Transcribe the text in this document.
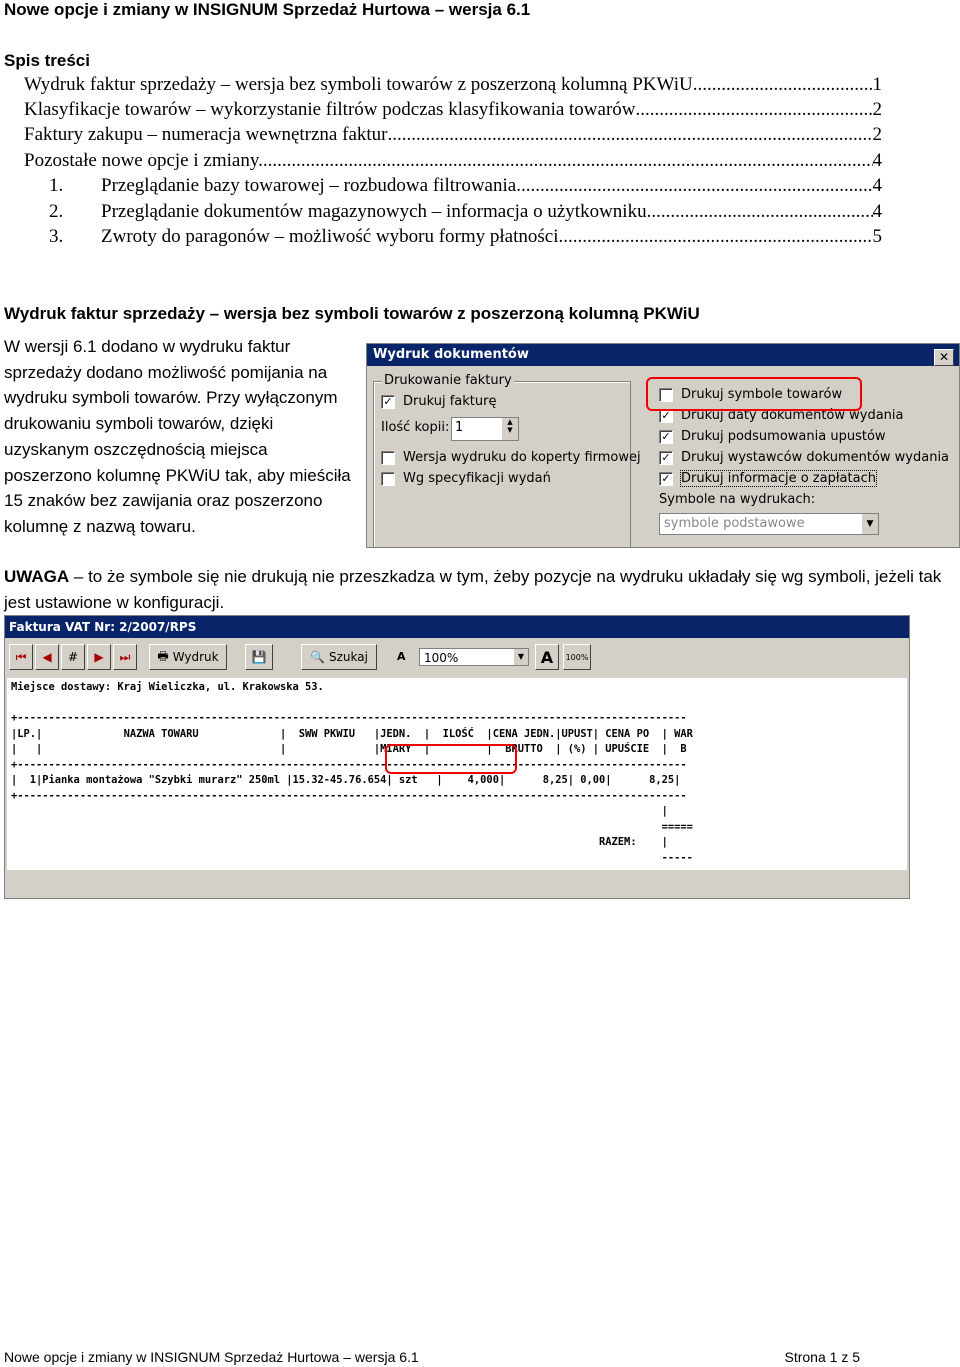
Nowe opcje i zmiany w INSIGNUM Sprzedaż Hurtowa – wersja 6.1
Spis treści
Wydruk faktur sprzedaży – wersja bez symboli towarów z poszerzoną kolumną PKWiU .....	1
Klasyfikacje towarów – wykorzystanie filtrów podczas klasyfikowania towarów .....	2
Faktury zakupu – numeracja wewnętrzna faktur .....	2
Pozostałe nowe opcje i zmiany. .....	4
1.	Przeglądanie bazy towarowej – rozbudowa filtrowania .....	4
2.	Przeglądanie dokumentów magazynowych – informacja o użytkowniku .....	4
3.	Zwroty do paragonów – możliwość wyboru formy płatności .....	5
Wydruk faktur sprzedaży – wersja bez symboli towarów z poszerzoną kolumną PKWiU
W wersji 6.1 dodano w wydruku faktur sprzedaży dodano możliwość pomijania na wydruku symboli towarów. Przy wyłączonym drukowaniu symboli towarów, dzięki uzyskanym oszczędnością miejsca poszerzono kolumnę PKWiU tak, aby mieściła 15 znaków bez zawijania oraz poszerzono kolumnę z nazwą towaru.
Wydruk dokumentów	✕
Drukowanie faktury
✓ Drukuj fakturę
Ilość kopii: 1	▲
▼
Wersja wydruku do koperty firmowej
Wg specyfikacji wydań
Drukuj symbole towarów
✓ Drukuj daty dokumentów wydania
✓ Drukuj podsumowania upustów
✓ Drukuj wystawców dokumentów wydania
✓ Drukuj informacje o zapłatach
Symbole na wydrukach:
symbole podstawowe	▼
UWAGA – to że symbole się nie drukują nie przeszkadza w tym, żeby pozycje na wydruku układały się wg symboli, jeżeli tak jest ustawione w konfiguracji.
Faktura VAT Nr: 2/2007/RPS
⏮	◀	#	▶	⏭	🖶 Wydruk	💾	🔍 Szukaj	A	100%	▼	A	100%
Miejsce dostawy: Kraj Wieliczka, ul. Krakowska 53.

+-----------------------------------------------------------------------------------------------------------
|LP.|             NAZWA TOWARU             |  SWW PKWIU   |JEDN.  |  ILOŚĆ  |CENA JEDN.|UPUST| CENA PO  | WAR
|   |                                      |              |MIARY  |         |  BRUTTO  | (%) | UPUŚCIE  |  B
+-----------------------------------------------------------------------------------------------------------
|  1|Pianka montażowa "Szybki murarz" 250ml |15.32-45.76.654| szt   |    4,000|      8,25| 0,00|      8,25|
+-----------------------------------------------------------------------------------------------------------
|
=====
RAZEM:    |
-----
Nowe opcje i zmiany w INSIGNUM Sprzedaż Hurtowa – wersja 6.1	Strona 1 z 5
